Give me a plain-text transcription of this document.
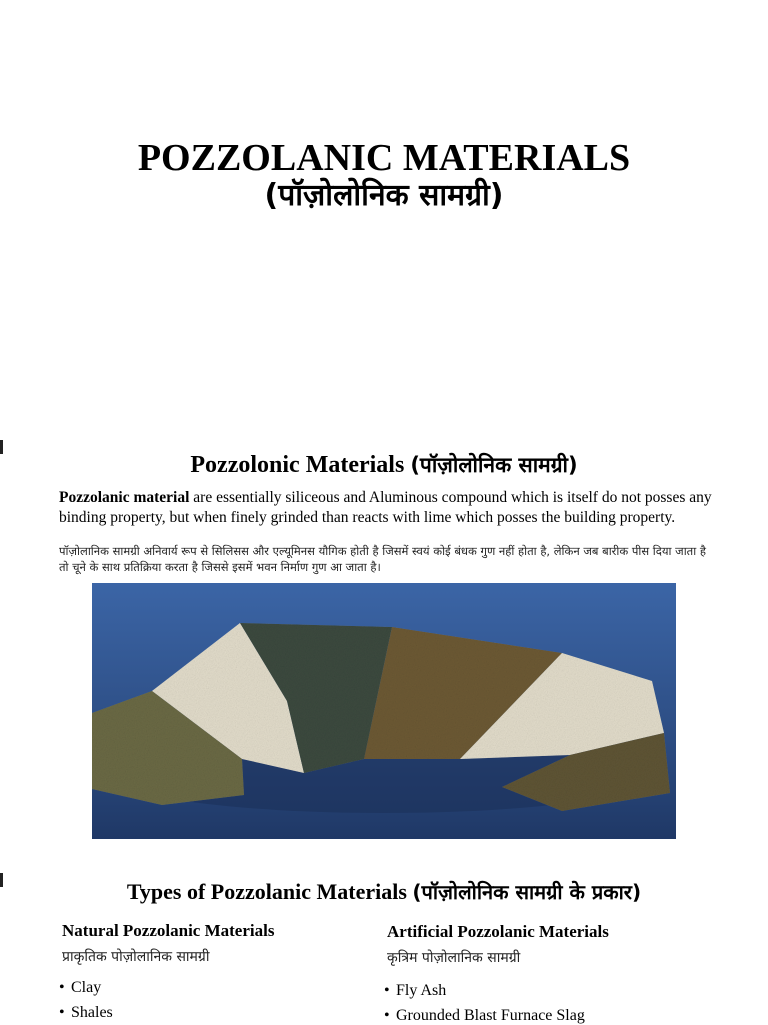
POZZOLANIC MATERIALS
(पॉज़ोलोनिक सामग्री)
Pozzolonic Materials (पॉज़ोलोनिक सामग्री)
Pozzolanic material are essentially siliceous and Aluminous compound which is itself do not posses any binding property, but when finely grinded than reacts with lime which posses the building property.
पॉज़ोलानिक सामग्री अनिवार्य रूप से सिलिसस और एल्यूमिनस यौगिक होती है जिसमें स्वयं कोई बंधक गुण नहीं होता है, लेकिन जब बारीक पीस दिया जाता है तो चूने के साथ प्रतिक्रिया करता है जिससे इसमें भवन निर्माण गुण आ जाता है।
Types of Pozzolanic Materials (पॉज़ोलोनिक सामग्री के प्रकार)
Natural Pozzolanic Materials
प्राकृतिक पोज़ोलानिक सामग्री
• Clay
• Shales
Artificial Pozzolanic Materials
कृत्रिम पोज़ोलानिक सामग्री
• Fly Ash
• Grounded Blast Furnace Slag
